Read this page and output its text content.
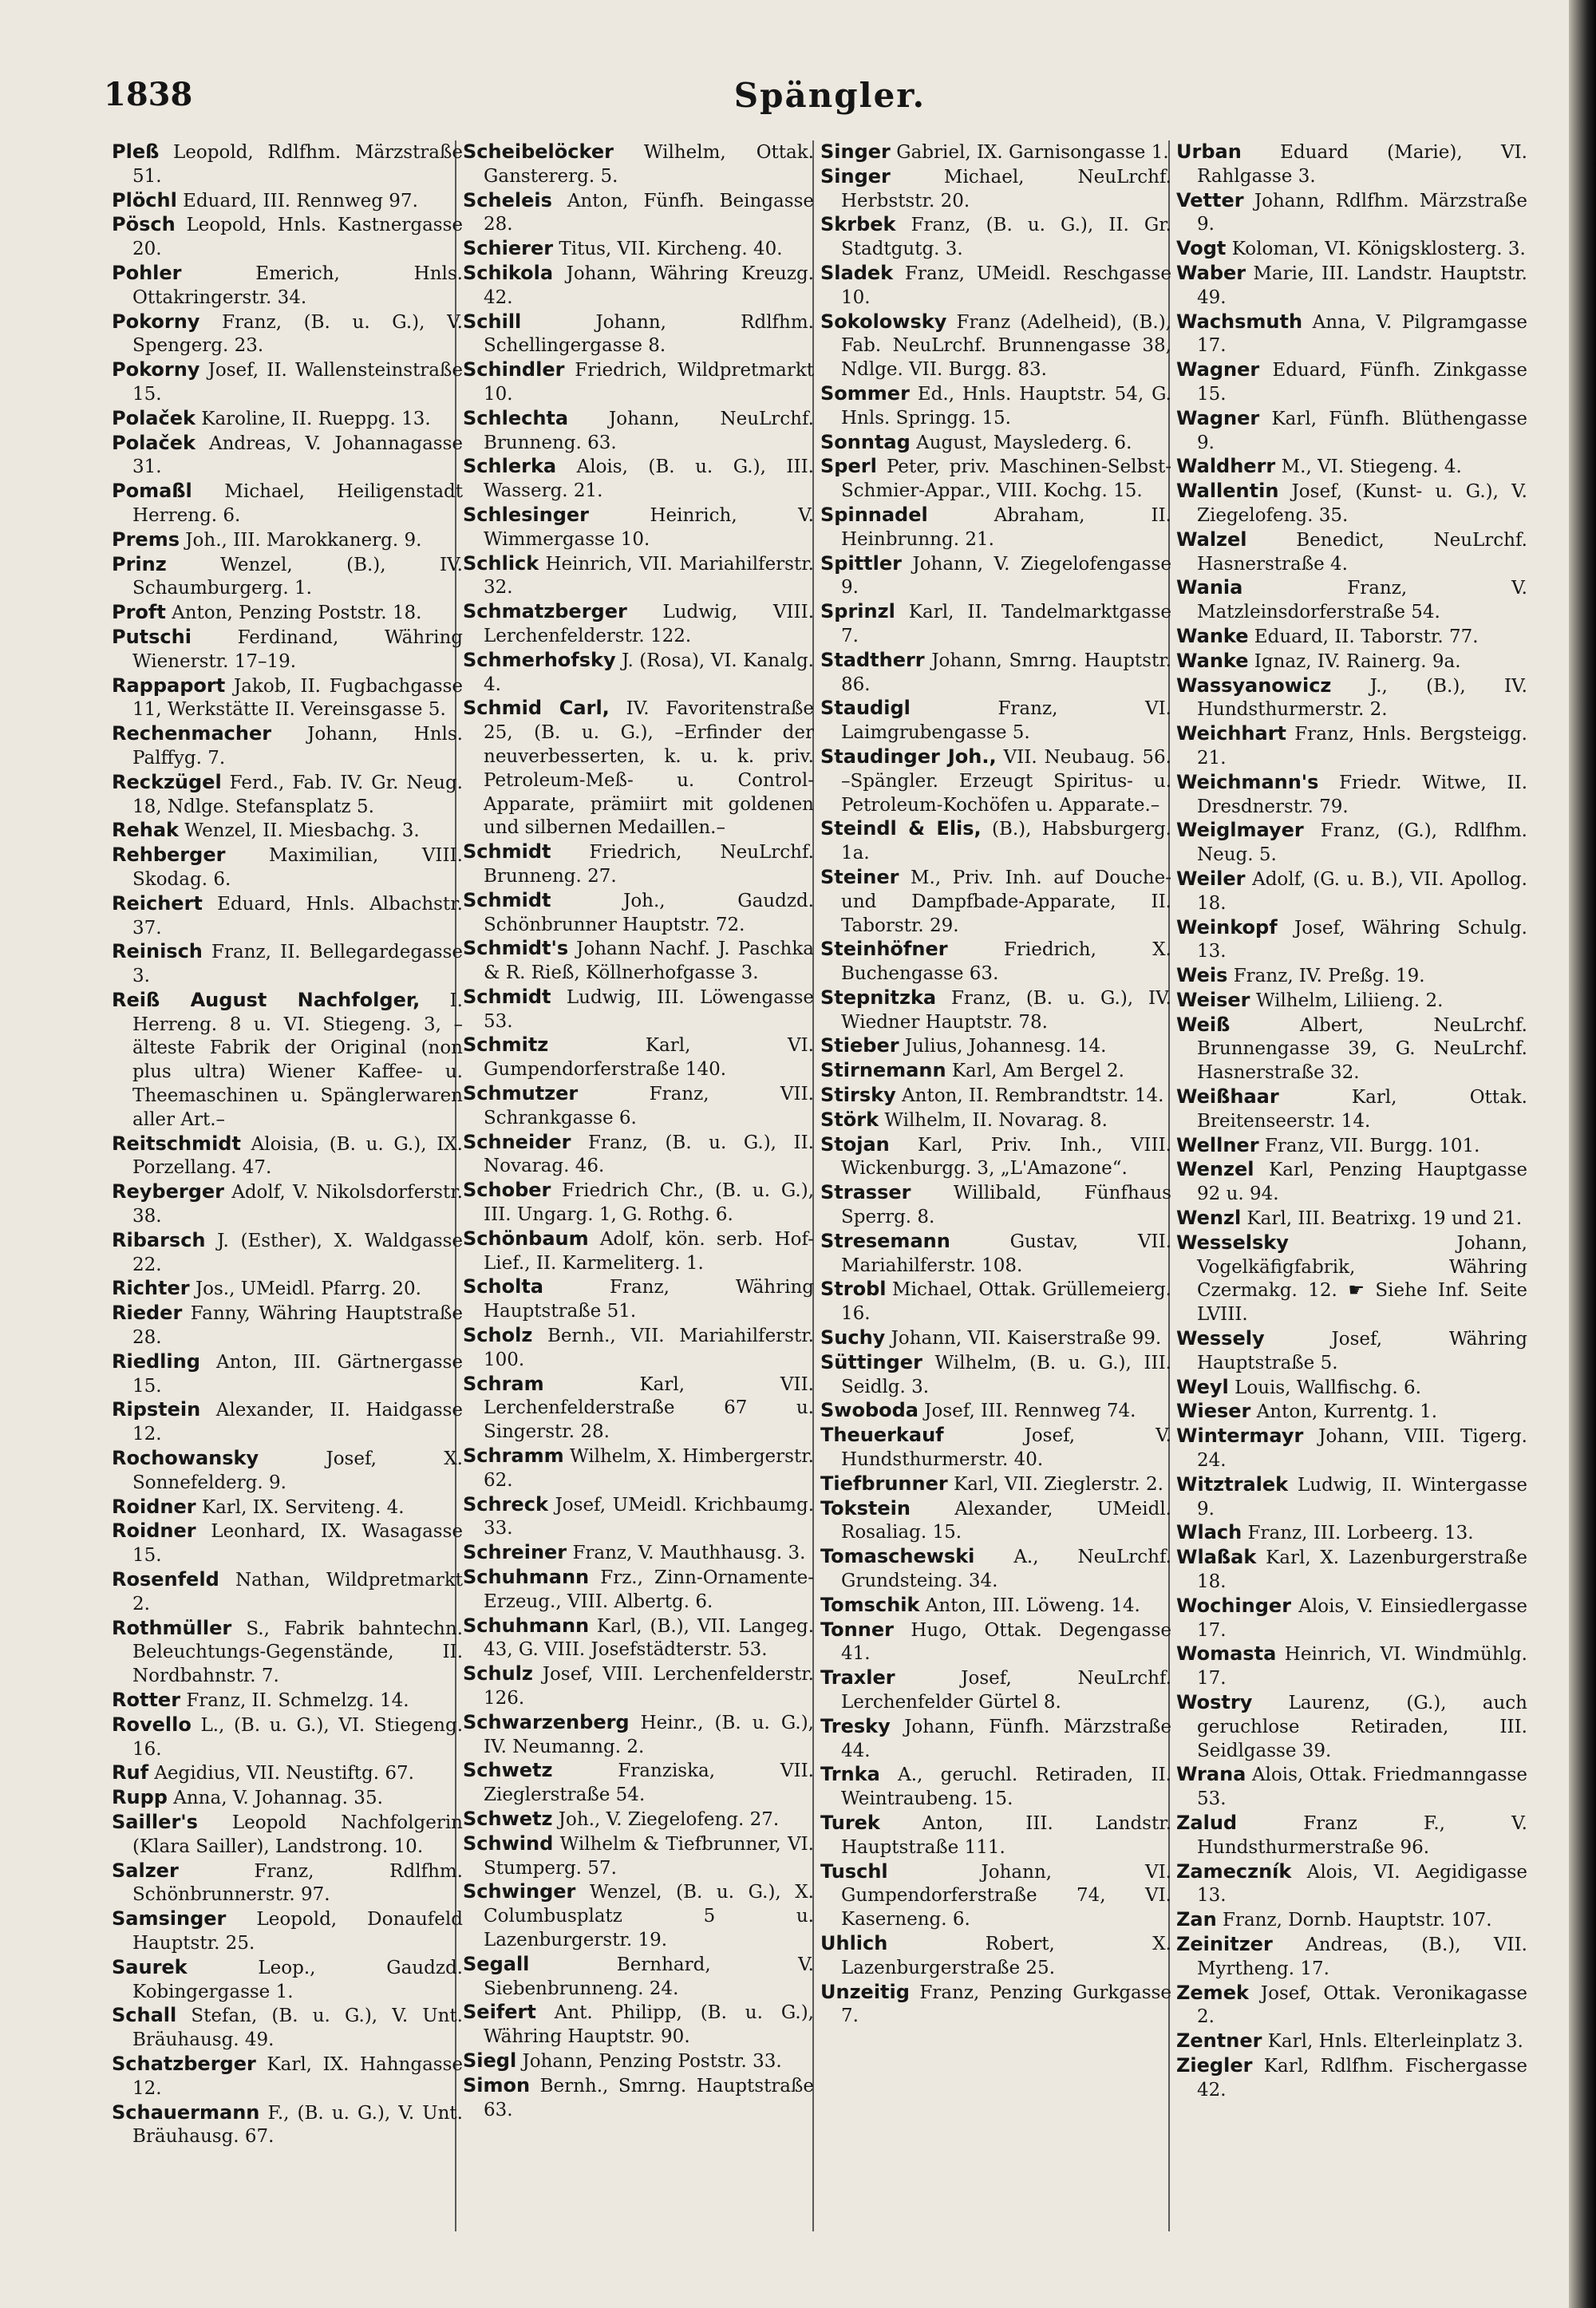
1838	Spängler.

Pleß Leopold, Rdlfhm. Märzstraße 51.

Plöchl Eduard, III. Rennweg 97.

Pösch Leopold, Hnls. Kastnergasse 20.

Pohler Emerich, Hnls. Ottakringerstr. 34.

Pokorny Franz, (B. u. G.), V. Spengerg. 23.

Pokorny Josef, II. Wallensteinstraße 15.

Polaček Karoline, II. Rueppg. 13.

Polaček Andreas, V. Johannagasse 31.

Pomaßl Michael, Heiligenstadt Herreng. 6.

Prems Joh., III. Marokkanerg. 9.

Prinz Wenzel, (B.), IV. Schaumburgerg. 1.

Proft Anton, Penzing Poststr. 18.

Putschi Ferdinand, Währing Wienerstr. 17–19.

Rappaport Jakob, II. Fugbachgasse 11, Werkstätte II. Vereinsgasse 5.

Rechenmacher Johann, Hnls. Palffyg. 7.

Reckzügel Ferd., Fab. IV. Gr. Neug. 18, Ndlge. Stefansplatz 5.

Rehak Wenzel, II. Miesbachg. 3.

Rehberger Maximilian, VIII. Skodag. 6.

Reichert Eduard, Hnls. Albachstr. 37.

Reinisch Franz, II. Bellegardegasse 3.

Reiß August Nachfolger, I. Herreng. 8 u. VI. Stiegeng. 3, –älteste Fabrik der Original (non plus ultra) Wiener Kaffee- u. Theemaschinen u. Spänglerwaren aller Art.–

Reitschmidt Aloisia, (B. u. G.), IX. Porzellang. 47.

Reyberger Adolf, V. Nikolsdorferstr. 38.

Ribarsch J. (Esther), X. Waldgasse 22.

Richter Jos., UMeidl. Pfarrg. 20.

Rieder Fanny, Währing Hauptstraße 28.

Riedling Anton, III. Gärtnergasse 15.

Ripstein Alexander, II. Haidgasse 12.

Rochowansky Josef, X. Sonnefelderg. 9.

Roidner Karl, IX. Serviteng. 4.

Roidner Leonhard, IX. Wasagasse 15.

Rosenfeld Nathan, Wildpretmarkt 2.

Rothmüller S., Fabrik bahntechn. Beleuchtungs-Gegenstände, II. Nordbahnstr. 7.

Rotter Franz, II. Schmelzg. 14.

Rovello L., (B. u. G.), VI. Stiegeng. 16.

Ruf Aegidius, VII. Neustiftg. 67.

Rupp Anna, V. Johannag. 35.

Sailler's Leopold Nachfolgerin (Klara Sailler), Landstrong. 10.

Salzer Franz, Rdlfhm. Schönbrunnerstr. 97.

Samsinger Leopold, Donaufeld Hauptstr. 25.

Saurek Leop., Gaudzd. Kobingergasse 1.

Schall Stefan, (B. u. G.), V. Unt. Bräuhausg. 49.

Schatzberger Karl, IX. Hahngasse 12.

Schauermann F., (B. u. G.), V. Unt. Bräuhausg. 67.

Scheibelöcker Wilhelm, Ottak. Ganstererg. 5.

Scheleis Anton, Fünfh. Beingasse 28.

Schierer Titus, VII. Kircheng. 40.

Schikola Johann, Währing Kreuzg. 42.

Schill Johann, Rdlfhm. Schellingergasse 8.

Schindler Friedrich, Wildpretmarkt 10.

Schlechta Johann, NeuLrchf. Brunneng. 63.

Schlerka Alois, (B. u. G.), III. Wasserg. 21.

Schlesinger Heinrich, V. Wimmergasse 10.

Schlick Heinrich, VII. Mariahilferstr. 32.

Schmatzberger Ludwig, VIII. Lerchenfelderstr. 122.

Schmerhofsky J. (Rosa), VI. Kanalg. 4.

Schmid Carl, IV. Favoritenstraße 25, (B. u. G.), –Erfinder der neuverbesserten, k. u. k. priv. Petroleum-Meß- u. Control-Apparate, prämiirt mit goldenen und silbernen Medaillen.–

Schmidt Friedrich, NeuLrchf. Brunneng. 27.

Schmidt Joh., Gaudzd. Schönbrunner Hauptstr. 72.

Schmidt's Johann Nachf. J. Paschka & R. Rieß, Köllnerhofgasse 3.

Schmidt Ludwig, III. Löwengasse 53.

Schmitz Karl, VI. Gumpendorferstraße 140.

Schmutzer Franz, VII. Schrankgasse 6.

Schneider Franz, (B. u. G.), II. Novarag. 46.

Schober Friedrich Chr., (B. u. G.), III. Ungarg. 1, G. Rothg. 6.

Schönbaum Adolf, kön. serb. Hof-Lief., II. Karmeliterg. 1.

Scholta Franz, Währing Hauptstraße 51.

Scholz Bernh., VII. Mariahilferstr. 100.

Schram Karl, VII. Lerchenfelderstraße 67 u. Singerstr. 28.

Schramm Wilhelm, X. Himbergerstr. 62.

Schreck Josef, UMeidl. Krichbaumg. 33.

Schreiner Franz, V. Mauthhausg. 3.

Schuhmann Frz., Zinn-Ornamente-Erzeug., VIII. Albertg. 6.

Schuhmann Karl, (B.), VII. Langeg. 43, G. VIII. Josefstädterstr. 53.

Schulz Josef, VIII. Lerchenfelderstr. 126.

Schwarzenberg Heinr., (B. u. G.), IV. Neumanng. 2.

Schwetz Franziska, VII. Zieglerstraße 54.

Schwetz Joh., V. Ziegelofeng. 27.

Schwind Wilhelm & Tiefbrunner, VI. Stumperg. 57.

Schwinger Wenzel, (B. u. G.), X. Columbusplatz 5 u. Lazenburgerstr. 19.

Segall Bernhard, V. Siebenbrunneng. 24.

Seifert Ant. Philipp, (B. u. G.), Währing Hauptstr. 90.

Siegl Johann, Penzing Poststr. 33.

Simon Bernh., Smrng. Hauptstraße 63.

Singer Gabriel, IX. Garnisongasse 1.

Singer Michael, NeuLrchf. Herbststr. 20.

Skrbek Franz, (B. u. G.), II. Gr. Stadtgutg. 3.

Sladek Franz, UMeidl. Reschgasse 10.

Sokolowsky Franz (Adelheid), (B.), Fab. NeuLrchf. Brunnengasse 38, Ndlge. VII. Burgg. 83.

Sommer Ed., Hnls. Hauptstr. 54, G. Hnls. Springg. 15.

Sonntag August, Mayslederg. 6.

Sperl Peter, priv. Maschinen-Selbst-Schmier-Appar., VIII. Kochg. 15.

Spinnadel Abraham, II. Heinbrunng. 21.

Spittler Johann, V. Ziegelofengasse 9.

Sprinzl Karl, II. Tandelmarktgasse 7.

Stadtherr Johann, Smrng. Hauptstr. 86.

Staudigl Franz, VI. Laimgrubengasse 5.

Staudinger Joh., VII. Neubaug. 56. –Spängler. Erzeugt Spiritus- u. Petroleum-Kochöfen u. Apparate.–

Steindl & Elis, (B.), Habsburgerg. 1a.

Steiner M., Priv. Inh. auf Douche- und Dampfbade-Apparate, II. Taborstr. 29.

Steinhöfner Friedrich, X. Buchengasse 63.

Stepnitzka Franz, (B. u. G.), IV. Wiedner Hauptstr. 78.

Stieber Julius, Johannesg. 14.

Stirnemann Karl, Am Bergel 2.

Stirsky Anton, II. Rembrandtstr. 14.

Störk Wilhelm, II. Novarag. 8.

Stojan Karl, Priv. Inh., VIII. Wickenburgg. 3, „L'Amazone“.

Strasser Willibald, Fünfhaus Sperrg. 8.

Stresemann Gustav, VII. Mariahilferstr. 108.

Strobl Michael, Ottak. Grüllemeierg. 16.

Suchy Johann, VII. Kaiserstraße 99.

Süttinger Wilhelm, (B. u. G.), III. Seidlg. 3.

Swoboda Josef, III. Rennweg 74.

Theuerkauf Josef, V. Hundsthurmerstr. 40.

Tiefbrunner Karl, VII. Zieglerstr. 2.

Tokstein Alexander, UMeidl. Rosaliag. 15.

Tomaschewski A., NeuLrchf. Grundsteing. 34.

Tomschik Anton, III. Löweng. 14.

Tonner Hugo, Ottak. Degengasse 41.

Traxler Josef, NeuLrchf. Lerchenfelder Gürtel 8.

Tresky Johann, Fünfh. Märzstraße 44.

Trnka A., geruchl. Retiraden, II. Weintraubeng. 15.

Turek Anton, III. Landstr. Hauptstraße 111.

Tuschl Johann, VI. Gumpendorferstraße 74, VI. Kaserneng. 6.

Uhlich Robert, X. Lazenburgerstraße 25.

Unzeitig Franz, Penzing Gurkgasse 7.

Urban Eduard (Marie), VI. Rahlgasse 3.

Vetter Johann, Rdlfhm. Märzstraße 9.

Vogt Koloman, VI. Königsklosterg. 3.

Waber Marie, III. Landstr. Hauptstr. 49.

Wachsmuth Anna, V. Pilgramgasse 17.

Wagner Eduard, Fünfh. Zinkgasse 15.

Wagner Karl, Fünfh. Blüthengasse 9.

Waldherr M., VI. Stiegeng. 4.

Wallentin Josef, (Kunst- u. G.), V. Ziegelofeng. 35.

Walzel Benedict, NeuLrchf. Hasnerstraße 4.

Wania Franz, V. Matzleinsdorferstraße 54.

Wanke Eduard, II. Taborstr. 77.

Wanke Ignaz, IV. Rainerg. 9a.

Wassyanowicz J., (B.), IV. Hundsthurmerstr. 2.

Weichhart Franz, Hnls. Bergsteigg. 21.

Weichmann's Friedr. Witwe, II. Dresdnerstr. 79.

Weiglmayer Franz, (G.), Rdlfhm. Neug. 5.

Weiler Adolf, (G. u. B.), VII. Apollog. 18.

Weinkopf Josef, Währing Schulg. 13.

Weis Franz, IV. Preßg. 19.

Weiser Wilhelm, Liliieng. 2.

Weiß Albert, NeuLrchf. Brunnengasse 39, G. NeuLrchf. Hasnerstraße 32.

Weißhaar Karl, Ottak. Breitenseerstr. 14.

Wellner Franz, VII. Burgg. 101.

Wenzel Karl, Penzing Hauptgasse 92 u. 94.

Wenzl Karl, III. Beatrixg. 19 und 21.

Wesselsky Johann, Vogelkäfigfabrik, Währing Czermakg. 12. ☛ Siehe Inf. Seite LVIII.

Wessely Josef, Währing Hauptstraße 5.

Weyl Louis, Wallfischg. 6.

Wieser Anton, Kurrentg. 1.

Wintermayr Johann, VIII. Tigerg. 24.

Witztralek Ludwig, II. Wintergasse 9.

Wlach Franz, III. Lorbeerg. 13.

Wlaßak Karl, X. Lazenburgerstraße 18.

Wochinger Alois, V. Einsiedlergasse 17.

Womasta Heinrich, VI. Windmühlg. 17.

Wostry Laurenz, (G.), auch geruchlose Retiraden, III. Seidlgasse 39.

Wrana Alois, Ottak. Friedmanngasse 53.

Zalud Franz F., V. Hundsthurmerstraße 96.

Zameczník Alois, VI. Aegidigasse 13.

Zan Franz, Dornb. Hauptstr. 107.

Zeinitzer Andreas, (B.), VII. Myrtheng. 17.

Zemek Josef, Ottak. Veronikagasse 2.

Zentner Karl, Hnls. Elterleinplatz 3.

Ziegler Karl, Rdlfhm. Fischergasse 42.
